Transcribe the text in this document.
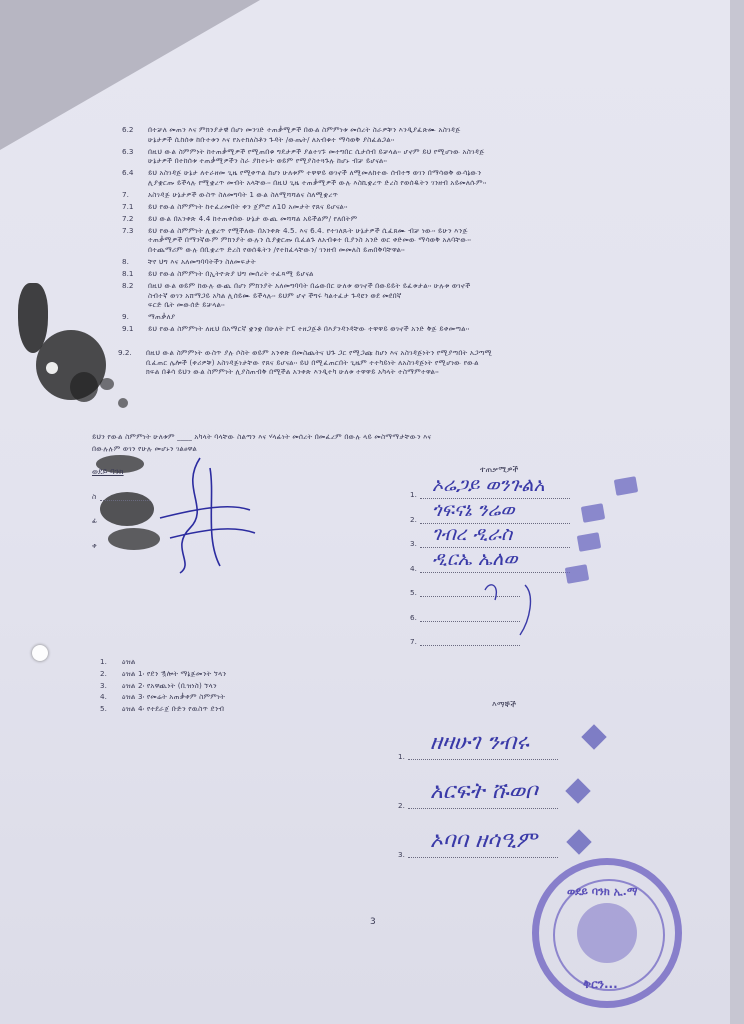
6.2 በተቻለ መጠን እና ምክንያታዊ በሆነ መንገድ ተጠቃሚዎች በውል ስምምነቱ መሰረት ስራዎቹን እንዲያፈጽሙ አስገዳጅ
ሁኔታዎች ሲከሰቱ ከቡተቱን እና የአተክለስቶን ጉዳት /ውጤት/ ለአብቁተ ማሳወቅ ያስፈልጋል፡፡
6.3 በዚህ ውል ስምምነት ከተጠቃሚዎች የሚጠበቁ ግዴታዎች ያልተገኙ መተግበር ሲታሰብ ይቻላል፡፡ ሆኖም ይህ የሚሆነው አስገዳጅ
ሁኔታዎች በተከሰቱ ተጠቃሚዎችን ስራ ያከተኑት ወይም የሚያስተጓጉሉ ከሆኑ ብቻ ይሆናል፡፡
6.4 ይህ አስገዳጅ ሁኔታ ለተራዘመ ጊዜ የሚቀጥል ከሆነ ሁለቱም ተዋዋይ ወገኖች ለሚመለከተው ሰብተኝ ወገን በማሳወቅ ውሳኔውን
ሊያቋርጡ ይችላሉ የሚቋረጥ መብት አላቸው፡፡ በዚህ ጊዜ ተጠቃሚዎች ውሉ እስኪቋረጥ ድረስ የወሰዱትን ገንዘብ አይመለሱም፡፡
7.	አስገዳጅ ሁኔታዎች ውስጥ ስለመግባት 1 ውል ስለሚሻሻልና ስለሚቋረጥ
7.1 ይህ የውል ስምምነት ከተፈረመበት ቀን ጀምሮ ለ10 አመታት የጸና ይሆናል፡፡
7.2 ይህ ውል በአንቀጽ 4.4 ከተጠቀሰው ሁኔታ ውጪ መሻሻል አይችልም/ የለበትም
7.3 ይህ የውል ስምምነት ሊቋረጥ የሚችለው በአንቀጽ 4.5. እና 6.4. የተገለጹት ሁኔታዎች ሲፈጸሙ ብቻ ነው፡፡ ይሁን እንጅ
ተጠቃሚዎች በማንኛውም ምክንያት ውሉን ሲያቋርጡ ቢፈልጉ ለአብቁተ ቢያንስ አንድ ወር ቀድመው ማሳወቅ አለባቸው፡፡
በተጨማሪም ውሉ በቢቋረጥ ድረስ የወሰዱትን /የተከፈላቸውን/ ገንዘብ መመለስ ይጠበቅባቸዋል፡፡
8.	ቸየ ህግ እና አለመግባባትችን ስለመፍታት
8.1 ይህ የውል ስምምነት በኢትዮጵያ ህግ መሰረት ተፈጻሚ ይሆናል
8.2 በዚህ ውል ወይም ከውሉ ውጪ በሆነ ምክንያት አለመግባባት በሬውበር ሁለቱ ወገኖች በውይይት ይፈቱታል፡፡ ሁሉቱ ወገኖች
ስብተኛ ወገን አሸማጋይ አካል ሊሰይሙ ይችላሉ፡፡ ይህም ሆኖ ችግሩ ካልተፈታ ጉዳዩን ወደ መደበኛ
ፍርድ ቤት መውሰድ ይቻላል፡፡
9.	ማጠቃለያ
9.1 ይህ የውል ስምምነት ለዚህ በአማርኛ ቋንቋ በሁለት ኮፒ ተዘጋጅቶ በእያንዳንዳቸው ተዋዋይ ወገኖች አንድ ቅጅ ይቀመጣል፡፡
9.2. በዚህ ውል ስምምነት ውስጥ ያሉ ሶስት ወይም አንቀጽ በመስጨትና ህጉ ጋር የሚጋጩ ከሆነ እና አስገዳጅነትን የሚያጣበት አጋጣሚ
ቢፈጠር ሌሎች (ቀሪዎቹ) አስገዳጅነታቸው የጸና ይሆናል፡፡ ይህ በሚፈጠርበት ጊዜም ተተካይነት ለአስገዳጅነት የሚሆነው የውል
ክፍል በቆሳ ይህን ውል ስምምነት ሊያስጠብቅ በሚችል አንቀጽ እንዲተካ ሁለቱ ተዋዋይ አካላት ተስማምተዋል፡፡
ይህን የውል ስምምነት ሁለቱም ____ አካላት ባላቸው ስልጣን እና ሃላፊነት መሰረት በመፈረም በውሉ ላይ መስማማታቸውን እና
በውሉሉም ወገን የሁሉ መሆኑን ገልፀዋል
ወደይ ባንክ
ስ
ፊ
ቀ
ተጠቃሚዎች
1. ኦሬጋይ ወንጉልአ
2. ጎፍናኔ ንሬወ
3. ገብረ ዲራስ
4. ዲርኤ ኤለወ
5.
6.
7.
1. ዕዝል
2. ዕዝል 1፡ የደን ዃሎት ማኔጅመንት ኘላን
3. ዕዝል 2፡ የአዋጪነት (ቢዝነስ) ኘላን
4. ዕዝል 3፡ የመሬት አጠቃቀም ስምምነት
5. ዕዝል 4፡ የተደራጀ ቡድን የዉስጥ ደንብ	እማኞች
1.
ዘዛሁገ ንብሩ
2.
አርፍት ሹወቦ
3.
ኦባባ ዘሳዒም
3
ወደይ ባንክ ኢ.ማ
ቅርን...
